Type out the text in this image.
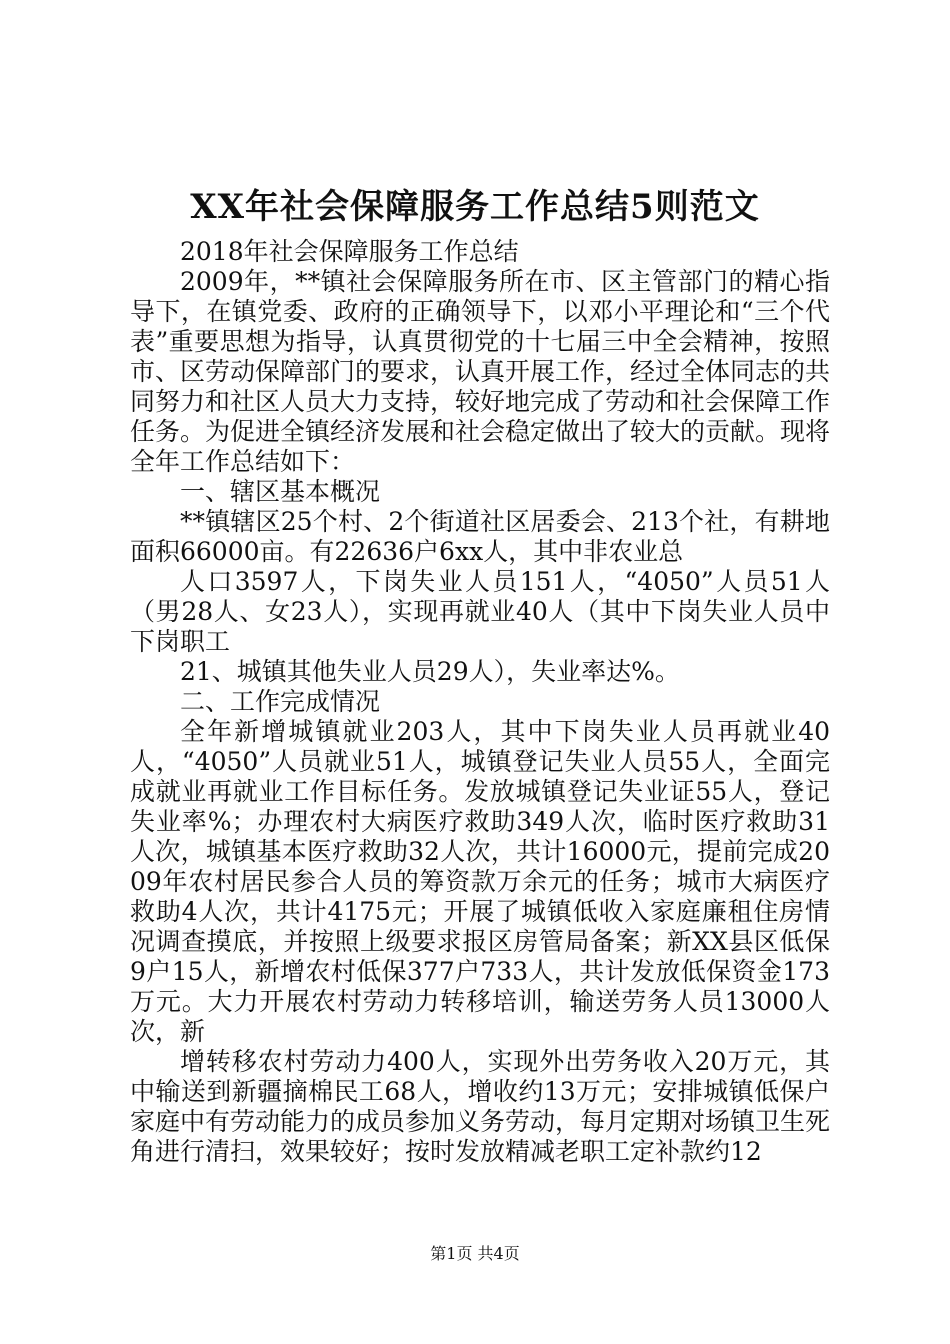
XX年社会保障服务工作总结5则范文

2018年社会保障服务工作总结

2009年，**镇社会保障服务所在市、区主管部门的精心指导下，在镇党委、政府的正确领导下，以邓小平理论和“三个代表”重要思想为指导，认真贯彻党的十七届三中全会精神，按照市、区劳动保障部门的要求，认真开展工作，经过全体同志的共同努力和社区人员大力支持，较好地完成了劳动和社会保障工作任务。为促进全镇经济发展和社会稳定做出了较大的贡献。现将全年工作总结如下：

一、辖区基本概况

**镇辖区25个村、2个街道社区居委会、213个社，有耕地面积66000亩。有22636户6xx人，其中非农业总

人口3597人，下岗失业人员151人，“4050”人员51人（男28人、女23人），实现再就业40人（其中下岗失业人员中下岗职工

21、城镇其他失业人员29人），失业率达%。

二、工作完成情况

全年新增城镇就业203人，其中下岗失业人员再就业40人，“4050”人员就业51人，城镇登记失业人员55人，全面完成就业再就业工作目标任务。发放城镇登记失业证55人，登记失业率%；办理农村大病医疗救助349人次，临时医疗救助31人次，城镇基本医疗救助32人次，共计16000元，提前完成2009年农村居民参合人员的筹资款万余元的任务；城市大病医疗救助4人次，共计4175元；开展了城镇低收入家庭廉租住房情况调查摸底，并按照上级要求报区房管局备案；新XX县区低保9户15人，新增农村低保377户733人，共计发放低保资金173万元。大力开展农村劳动力转移培训，输送劳务人员13000人次，新

增转移农村劳动力400人，实现外出劳务收入20万元，其中输送到新疆摘棉民工68人，增收约13万元；安排城镇低保户家庭中有劳动能力的成员参加义务劳动，每月定期对场镇卫生死角进行清扫，效果较好；按时发放精减老职工定补款约12

第1页 共4页
